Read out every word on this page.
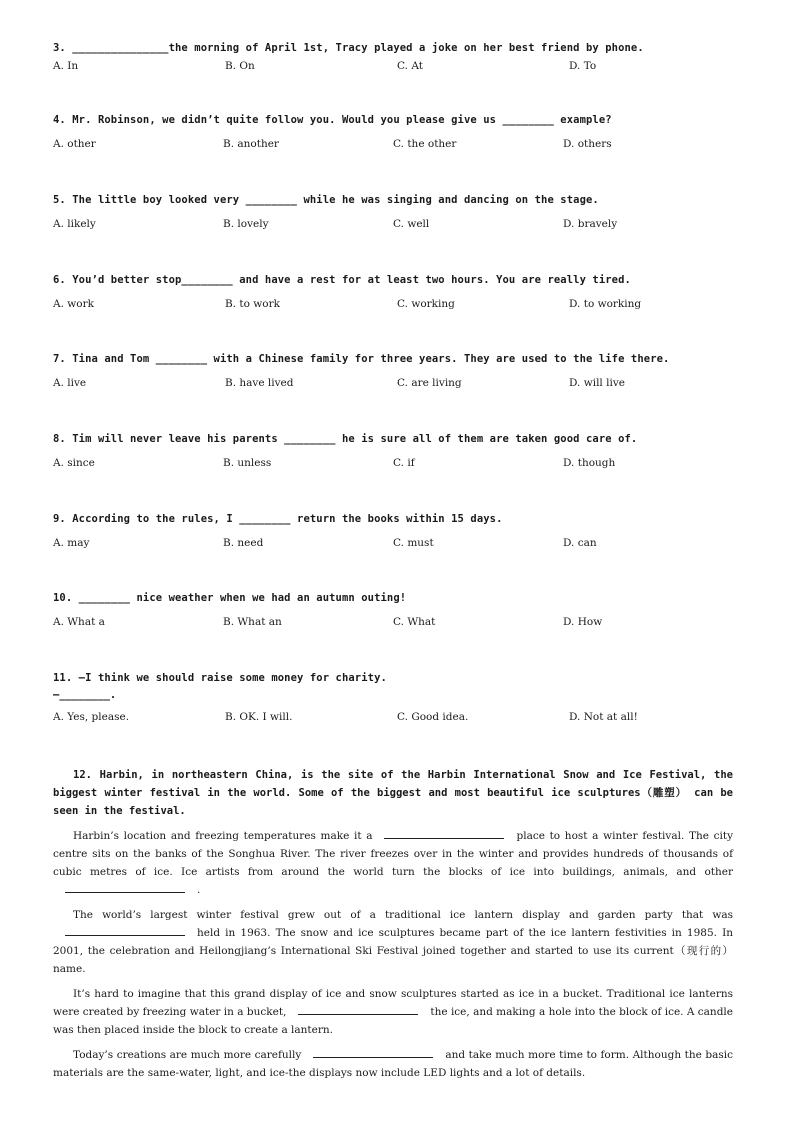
3. _______________the morning of April 1st, Tracy played a joke on her best friend by phone.
A. In	B. On	C. At	D. To
4. Mr. Robinson, we didn’t quite follow you. Would you please give us ________ example?
A. other	B. another	C. the other	D. others
5. The little boy looked very ________ while he was singing and dancing on the stage.
A. likely	B. lovely	C. well	D. bravely
6. You’d better stop________ and have a rest for at least two hours. You are really tired.
A. work	B. to work	C. working	D. to working
7. Tina and Tom ________ with a Chinese family for three years. They are used to the life there.
A. live	B. have lived	C. are living	D. will live
8. Tim will never leave his parents ________ he is sure all of them are taken good care of.
A. since	B. unless	C. if	D. though
9. According to the rules, I ________ return the books within 15 days.
A. may	B. need	C. must	D. can
10. ________ nice weather when we had an autumn outing!
A. What a	B. What an	C. What	D. How
11. —I think we should raise some money for charity.
—________.
A. Yes, please.	B. OK. I will.	C. Good idea.	D. Not at all!
12. Harbin, in northeastern China, is the site of the Harbin International Snow and Ice Festival, the biggest winter festival in the world. Some of the biggest and most beautiful ice sculptures（雕塑） can be seen in the festival.
Harbin’s location and freezing temperatures make it a	place to host a winter festival. The city centre sits on the banks of the Songhua River. The river freezes over in the winter and provides hundreds of thousands of cubic metres of ice. Ice artists from around the world turn the blocks of ice into buildings, animals, and other.
The world’s largest winter festival grew out of a traditional ice lantern display and garden party that washeld in 1963. The snow and ice sculptures became part of the ice lantern festivities in 1985. In 2001, the celebration and Heilongjiang’s International Ski Festival joined together and started to use its current（现行的）name.
It’s hard to imagine that this grand display of ice and snow sculptures started as ice in a bucket. Traditional ice lanterns were created by freezing water in a bucket,	the ice, and making a hole into the block of ice. A candle was then placed inside the block to create a lantern.
Today’s creations are much more carefully	and take much more time to form. Although the basic materials are the same-water, light, and ice-the displays now include LED lights and a lot of details.
